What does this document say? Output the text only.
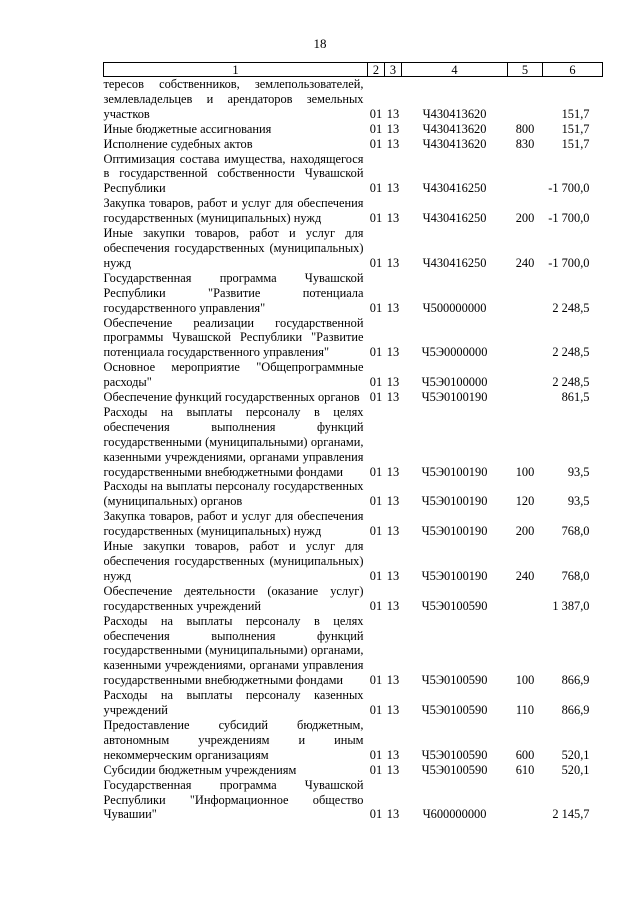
18
1	2	3	4	5	6
тересов собственников, землепользователей, землевладельцев и арендаторов земельных участков	01	13	Ч430413620		151,7
Иные бюджетные ассигнования	01	13	Ч430413620	800	151,7
Исполнение судебных актов	01	13	Ч430413620	830	151,7
Оптимизация состава имущества, находящегося в государственной собственности Чувашской Республики	01	13	Ч430416250		-1 700,0
Закупка товаров, работ и услуг для обеспечения государственных (муниципальных) нужд	01	13	Ч430416250	200	-1 700,0
Иные закупки товаров, работ и услуг для обеспечения государственных (муниципальных) нужд	01	13	Ч430416250	240	-1 700,0
Государственная программа Чувашской Республики "Развитие потенциала государственного управления"	01	13	Ч500000000		2 248,5
Обеспечение реализации государственной программы Чувашской Республики "Развитие потенциала государственного управления"	01	13	Ч5Э0000000		2 248,5
Основное мероприятие "Общепрограммные расходы"	01	13	Ч5Э0100000		2 248,5
Обеспечение функций государственных органов	01	13	Ч5Э0100190		861,5
Расходы на выплаты персоналу в целях обеспечения выполнения функций государственными (муниципальными) органами, казенными учреждениями, органами управления государственными внебюджетными фондами	01	13	Ч5Э0100190	100	93,5
Расходы на выплаты персоналу государственных (муниципальных) органов	01	13	Ч5Э0100190	120	93,5
Закупка товаров, работ и услуг для обеспечения государственных (муниципальных) нужд	01	13	Ч5Э0100190	200	768,0
Иные закупки товаров, работ и услуг для обеспечения государственных (муниципальных) нужд	01	13	Ч5Э0100190	240	768,0
Обеспечение деятельности (оказание услуг) государственных учреждений	01	13	Ч5Э0100590		1 387,0
Расходы на выплаты персоналу в целях обеспечения выполнения функций государственными (муниципальными) органами, казенными учреждениями, органами управления государственными внебюджетными фондами	01	13	Ч5Э0100590	100	866,9
Расходы на выплаты персоналу казенных учреждений	01	13	Ч5Э0100590	110	866,9
Предоставление субсидий бюджетным, автономным учреждениям и иным некоммерческим организациям	01	13	Ч5Э0100590	600	520,1
Субсидии бюджетным учреждениям	01	13	Ч5Э0100590	610	520,1
Государственная программа Чувашской Республики "Информационное общество Чувашии"	01	13	Ч600000000		2 145,7
